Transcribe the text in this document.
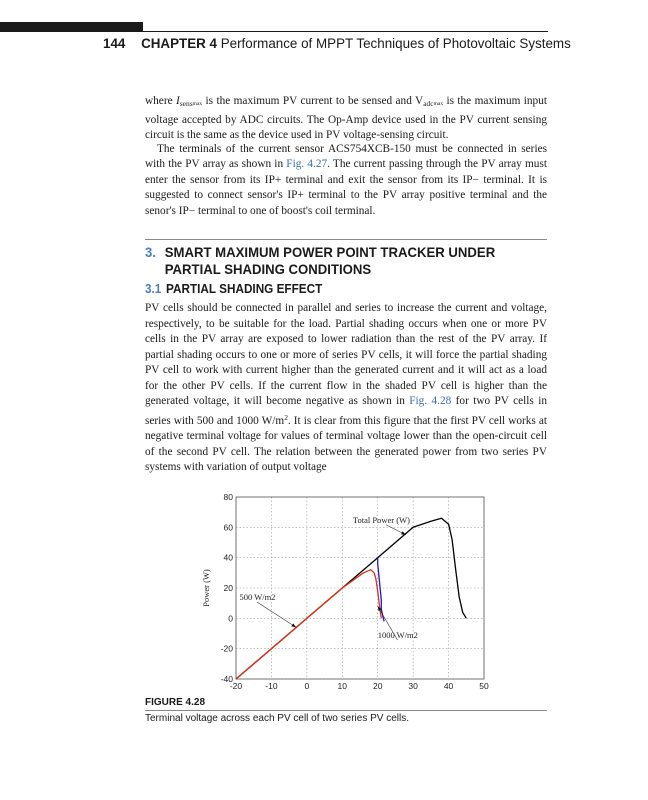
144 CHAPTER 4 Performance of MPPT Techniques of Photovoltaic Systems

where $I_{sens}\max$ is the maximum PV current to be sensed and $V_{adc}\max$ is the maximum input voltage accepted by ADC circuits. The Op-Amp device used in the PV current sensing circuit is the same as the device used in PV voltage-sensing circuit.

The terminals of the current sensor ACS754XCB-150 must be connected in series with the PV array as shown in Fig. 4.27. The current passing through the PV array must enter the sensor from its IP+ terminal and exit the sensor from its IP− terminal. It is suggested to connect sensor's IP+ terminal to the PV array positive terminal and the senor's IP− terminal to one of boost's coil terminal.

3. SMART MAXIMUM POWER POINT TRACKER UNDER
PARTIAL SHADING CONDITIONS
3.1 PARTIAL SHADING EFFECT

PV cells should be connected in parallel and series to increase the current and voltage, respectively, to be suitable for the load. Partial shading occurs when one or more PV cells in the PV array are exposed to lower radiation than the rest of the PV array. If partial shading occurs to one or more of series PV cells, it will force the partial shading PV cell to work with current higher than the generated current and it will act as a load for the other PV cells. If the current flow in the shaded PV cell is higher than the generated voltage, it will become negative as shown in Fig. 4.28 for two PV cells in series with 500 and 1000 $W/m^2$. It is clear from this figure that the first PV cell works at negative terminal voltage for values of terminal voltage lower than the open-circuit cell of the second PV cell. The relation between the generated power from two series PV systems with variation of output voltage

-20	-10	0	10	20	30	40	50
-40
-20
0
20
40
60
80
Power (W)
Total Power (W)
500 W/m2
1000 W/m2
FIGURE 4.28
Terminal voltage across each PV cell of two series PV cells.
